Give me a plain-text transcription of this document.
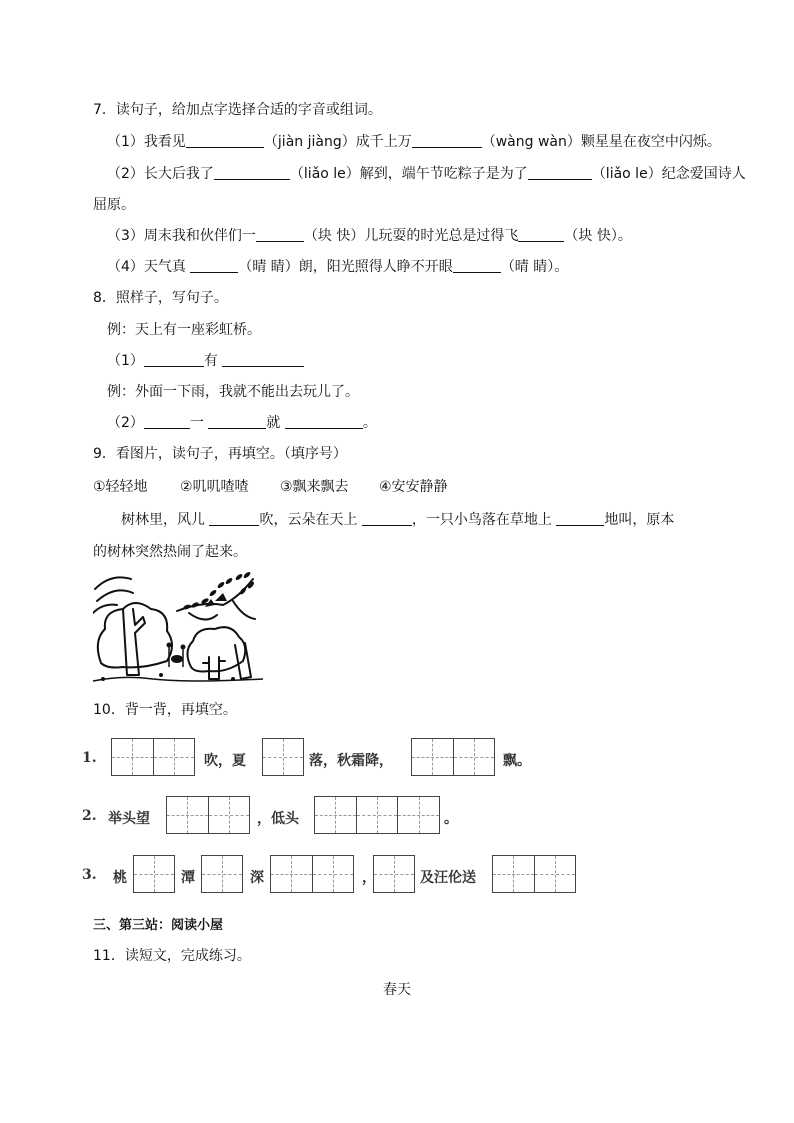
7．读句子，给加点字选择合适的字音或组词。
（1）我看见	（jiàn jiàng）成千上万	（wàng wàn）颗星星在夜空中闪烁。
（2）长大后我了	（liǎo le）解到，端午节吃粽子是为了	（liǎo le）纪念爱国诗人
屈原。
（3）周末我和伙伴们一	（块 快）儿玩耍的时光总是过得飞	（块 快）。
（4）天气真	（晴 睛）朗，阳光照得人睁不开眼	（晴 睛）。
8．照样子，写句子。
例：天上有一座彩虹桥。
（1）	有
例：外面一下雨，我就不能出去玩儿了。
（2）	一	就	。
9．看图片，读句子，再填空。（填序号）
①轻轻地 ②叽叽喳喳 ③飘来飘去 ④安安静静
树林里，风儿	吹，云朵在天上	，一只小鸟落在草地上	地叫，原本
的树林突然热闹了起来。
10．背一背，再填空。
1.	吹，夏	落，秋霜降，	飘。
2. 举头望	，低头	。
3. 桃	潭	深	，	及汪伦送
三、第三站：阅读小屋
11．读短文，完成练习。
春天
